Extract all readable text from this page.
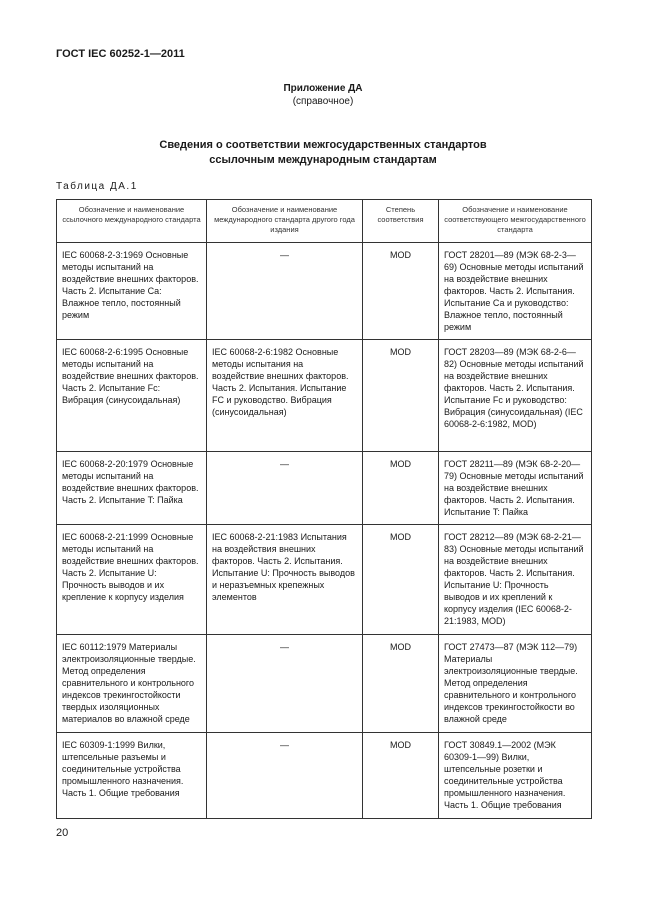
ГОСТ IEC 60252-1—2011
Приложение ДА
(справочное)
Сведения о соответствии межгосударственных стандартов
ссылочным международным стандартам
Таблица ДА.1
Обозначение и наименование ссылочного международного стандарта	Обозначение и наименование международного стандарта другого года издания	Степень соответствия	Обозначение и наименование соответствующего межгосударственного стандарта
IEC 60068-2-3:1969 Основные методы испытаний на воздействие внешних факторов. Часть 2. Испытание Ca: Влажное тепло, постоянный режим	—	MOD	ГОСТ 28201—89 (МЭК 68-2-3—69) Основные методы испытаний на воздействие внешних факторов. Часть 2. Испытания. Испытание Са и руководство: Влажное тепло, постоянный режим
IEC 60068-2-6:1995 Основные методы испытаний на воздействие внешних факторов. Часть 2. Испытание Fc: Вибрация (синусоидальная)	IEC 60068-2-6:1982 Основные методы испытания на воздействие внешних факторов. Часть 2. Испытания. Испытание FC и руководство. Вибрация (синусоидальная)	MOD	ГОСТ 28203—89 (МЭК 68-2-6—82) Основные методы испытаний на воздействие внешних факторов. Часть 2. Испытания. Испытание Fc и руководство: Вибрация (синусоидальная) (IEC 60068-2-6:1982, MOD)
IEC 60068-2-20:1979 Основные методы испытаний на воздействие внешних факторов. Часть 2. Испытание T: Пайка	—	MOD	ГОСТ 28211—89 (МЭК 68-2-20—79) Основные методы испытаний на воздействие внешних факторов. Часть 2. Испытания. Испытание T: Пайка
IEC 60068-2-21:1999 Основные методы испытаний на воздействие внешних факторов. Часть 2. Испытание U: Прочность выводов и их крепление к корпусу изделия	IEC 60068-2-21:1983 Испытания на воздействия внешних факторов. Часть 2. Испытания. Испытание U: Прочность выводов и неразъемных крепежных элементов	MOD	ГОСТ 28212—89 (МЭК 68-2-21—83) Основные методы испытаний на воздействие внешних факторов. Часть 2. Испытания. Испытание U: Прочность выводов и их креплений к корпусу изделия (IEC 60068-2-21:1983, MOD)
IEC 60112:1979 Материалы электроизоляционные твердые. Метод определения сравнительного и контрольного индексов трекингостойкости твердых изоляционных материалов во влажной среде	—	MOD	ГОСТ 27473—87 (МЭК 112—79) Материалы электроизоляционные твердые. Метод определения сравнительного и контрольного индексов трекингостойкости во влажной среде
IEC 60309-1:1999 Вилки, штепсельные разъемы и соединительные устройства промышленного назначения. Часть 1. Общие требования	—	MOD	ГОСТ 30849.1—2002 (МЭК 60309-1—99) Вилки, штепсельные розетки и соединительные устройства промышленного назначения. Часть 1. Общие требования
20
